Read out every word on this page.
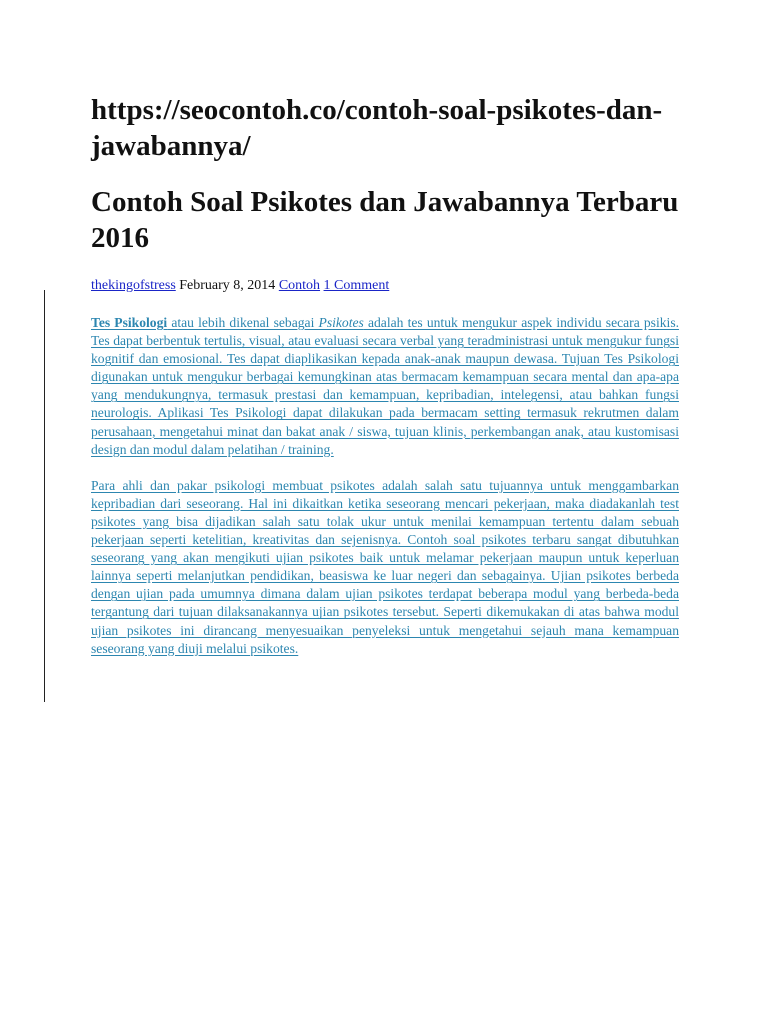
https://seocontoh.co/contoh-soal-psikotes-dan-jawabannya/
Contoh Soal Psikotes dan Jawabannya Terbaru 2016
thekingofstress February 8, 2014 Contoh 1 Comment

Tes Psikologi atau lebih dikenal sebagai Psikotes adalah tes untuk mengukur aspek individu secara psikis. Tes dapat berbentuk tertulis, visual, atau evaluasi secara verbal yang teradministrasi untuk mengukur fungsi kognitif dan emosional. Tes dapat diaplikasikan kepada anak-anak maupun dewasa. Tujuan Tes Psikologi digunakan untuk mengukur berbagai kemungkinan atas bermacam kemampuan secara mental dan apa-apa yang mendukungnya, termasuk prestasi dan kemampuan, kepribadian, intelegensi, atau bahkan fungsi neurologis. Aplikasi Tes Psikologi dapat dilakukan pada bermacam setting termasuk rekrutmen dalam perusahaan, mengetahui minat dan bakat anak / siswa, tujuan klinis, perkembangan anak, atau kustomisasi design dan modul dalam pelatihan / training.

Para ahli dan pakar psikologi membuat psikotes adalah salah satu tujuannya untuk menggambarkan kepribadian dari seseorang. Hal ini dikaitkan ketika seseorang mencari pekerjaan, maka diadakanlah test psikotes yang bisa dijadikan salah satu tolak ukur untuk menilai kemampuan tertentu dalam sebuah pekerjaan seperti ketelitian, kreativitas dan sejenisnya. Contoh soal psikotes terbaru sangat dibutuhkan seseorang yang akan mengikuti ujian psikotes baik untuk melamar pekerjaan maupun untuk keperluan lainnya seperti melanjutkan pendidikan, beasiswa ke luar negeri dan sebagainya. Ujian psikotes berbeda dengan ujian pada umumnya dimana dalam ujian psikotes terdapat beberapa modul yang berbeda-beda tergantung dari tujuan dilaksanakannya ujian psikotes tersebut. Seperti dikemukakan di atas bahwa modul ujian psikotes ini dirancang menyesuaikan penyeleksi untuk mengetahui sejauh mana kemampuan seseorang yang diuji melalui psikotes.
